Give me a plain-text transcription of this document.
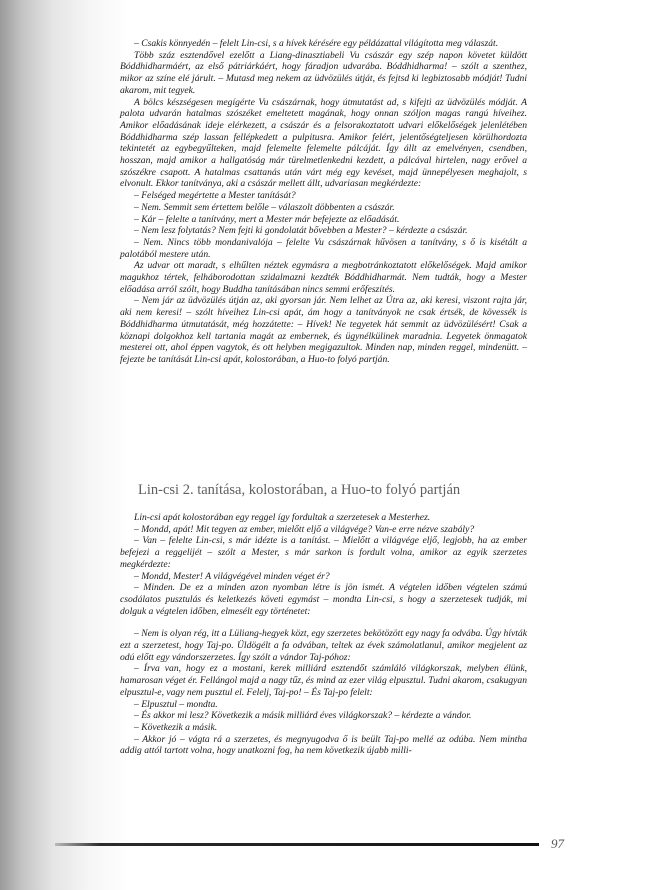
– Csakis könnyedén – felelt Lin-csi, s a hívek kérésére egy példázattal világította meg válaszát.

Több száz esztendővel ezelőtt a Liang-dinasztiabeli Vu császár egy szép napon követet küldött Bóddhidharmáért, az első pátriárkáért, hogy fáradjon udvarába. Bóddhidharma! – szólt a szenthez, mikor az színe elé járult. – Mutasd meg nekem az üdvözülés útját, és fejtsd ki legbiztosabb módját! Tudni akarom, mit tegyek.

A bölcs készségesen megígérte Vu császárnak, hogy útmutatást ad, s kifejti az üdvözülés módját. A palota udvarán hatalmas szószéket emeltetett magának, hogy onnan szóljon magas rangú híveihez. Amikor előadásának ideje elérkezett, a császár és a felsorakoztatott udvari előkelőségek jelenlétében Bóddhidharma szép lassan fellépkedett a pulpitusra. Amikor felért, jelentőségteljesen körülhordozta tekintetét az egybegyűlteken, majd felemelte felemelte pálcáját. Így állt az emelvényen, csendben, hosszan, majd amikor a hallgatóság már türelmetlenkedni kezdett, a pálcával hirtelen, nagy erővel a szószékre csapott. A hatalmas csattanás után várt még egy kevéset, majd ünnepélyesen meghajolt, s elvonult. Ekkor tanítványa, aki a császár mellett állt, udvariasan megkérdezte:

– Felséged megértette a Mester tanítását?

– Nem. Semmit sem értettem belőle – válaszolt döbbenten a császár.

– Kár – felelte a tanítvány, mert a Mester már befejezte az előadását.

– Nem lesz folytatás? Nem fejti ki gondolatát bővebben a Mester? – kérdezte a császár.

– Nem. Nincs több mondanivalója – felelte Vu császárnak hűvösen a tanítvány, s ő is kisétált a palotából mestere után.

Az udvar ott maradt, s elhűlten néztek egymásra a megbotránkoztatott előkelőségek. Majd amikor magukhoz tértek, felháborodottan szidalmazni kezdték Bóddhidharmát. Nem tudták, hogy a Mester előadása arról szólt, hogy Buddha tanításában nincs semmi erőfeszítés.

– Nem jár az üdvözülés útján az, aki gyorsan jár. Nem lelhet az Útra az, aki keresi, viszont rajta jár, aki nem keresi! – szólt híveihez Lin-csi apát, ám hogy a tanítványok ne csak értsék, de kövessék is Bóddhidharma útmutatását, még hozzátette: – Hívek! Ne tegyetek hát semmit az üdvözülésért! Csak a köznapi dolgokhoz kell tartania magát az embernek, és ügynélkülinek maradnia. Legyetek önmagatok mesterei ott, ahol éppen vagytok, és ott helyben megigazultok. Minden nap, minden reggel, mindenütt. – fejezte be tanítását Lin-csi apát, kolostorában, a Huo-to folyó partján.

Lin-csi 2. tanítása, kolostorában, a Huo-to folyó partján

Lin-csi apát kolostorában egy reggel így fordultak a szerzetesek a Mesterhez.

– Mondd, apát! Mit tegyen az ember, mielőtt eljő a világvége? Van-e erre nézve szabály?

– Van – felelte Lin-csi, s már idézte is a tanítást. – Mielőtt a világvége eljő, legjobb, ha az ember befejezi a reggelijét – szólt a Mester, s már sarkon is fordult volna, amikor az egyik szerzetes megkérdezte:

– Mondd, Mester! A világvégével minden véget ér?

– Minden. De ez a minden azon nyomban létre is jön ismét. A végtelen időben végtelen számú csodálatos pusztulás és keletkezés követi egymást – mondta Lin-csi, s hogy a szerzetesek tudják, mi dolguk a végtelen időben, elmesélt egy történetet:

– Nem is olyan rég, itt a Lüliang-hegyek közt, egy szerzetes bekötözött egy nagy fa odvába. Úgy hívták ezt a szerzetest, hogy Taj-po. Üldögélt a fa odvában, teltek az évek számolatlanul, amikor megjelent az odú előtt egy vándorszerzetes. Így szólt a vándor Taj-póhoz:

– Írva van, hogy ez a mostani, kerek milliárd esztendőt számláló világkorszak, melyben élünk, hamarosan véget ér. Fellángol majd a nagy tűz, és mind az ezer világ elpusztul. Tudni akarom, csakugyan elpusztul-e, vagy nem pusztul el. Felelj, Taj-po! – És Taj-po felelt:

– Elpusztul – mondta.

– És akkor mi lesz? Következik a másik milliárd éves világkorszak? – kérdezte a vándor.

– Következik a másik.

– Akkor jó – vágta rá a szerzetes, és megnyugodva ő is beült Taj-po mellé az odúba. Nem mintha addig attól tartott volna, hogy unatkozni fog, ha nem következik újabb milli-

97
